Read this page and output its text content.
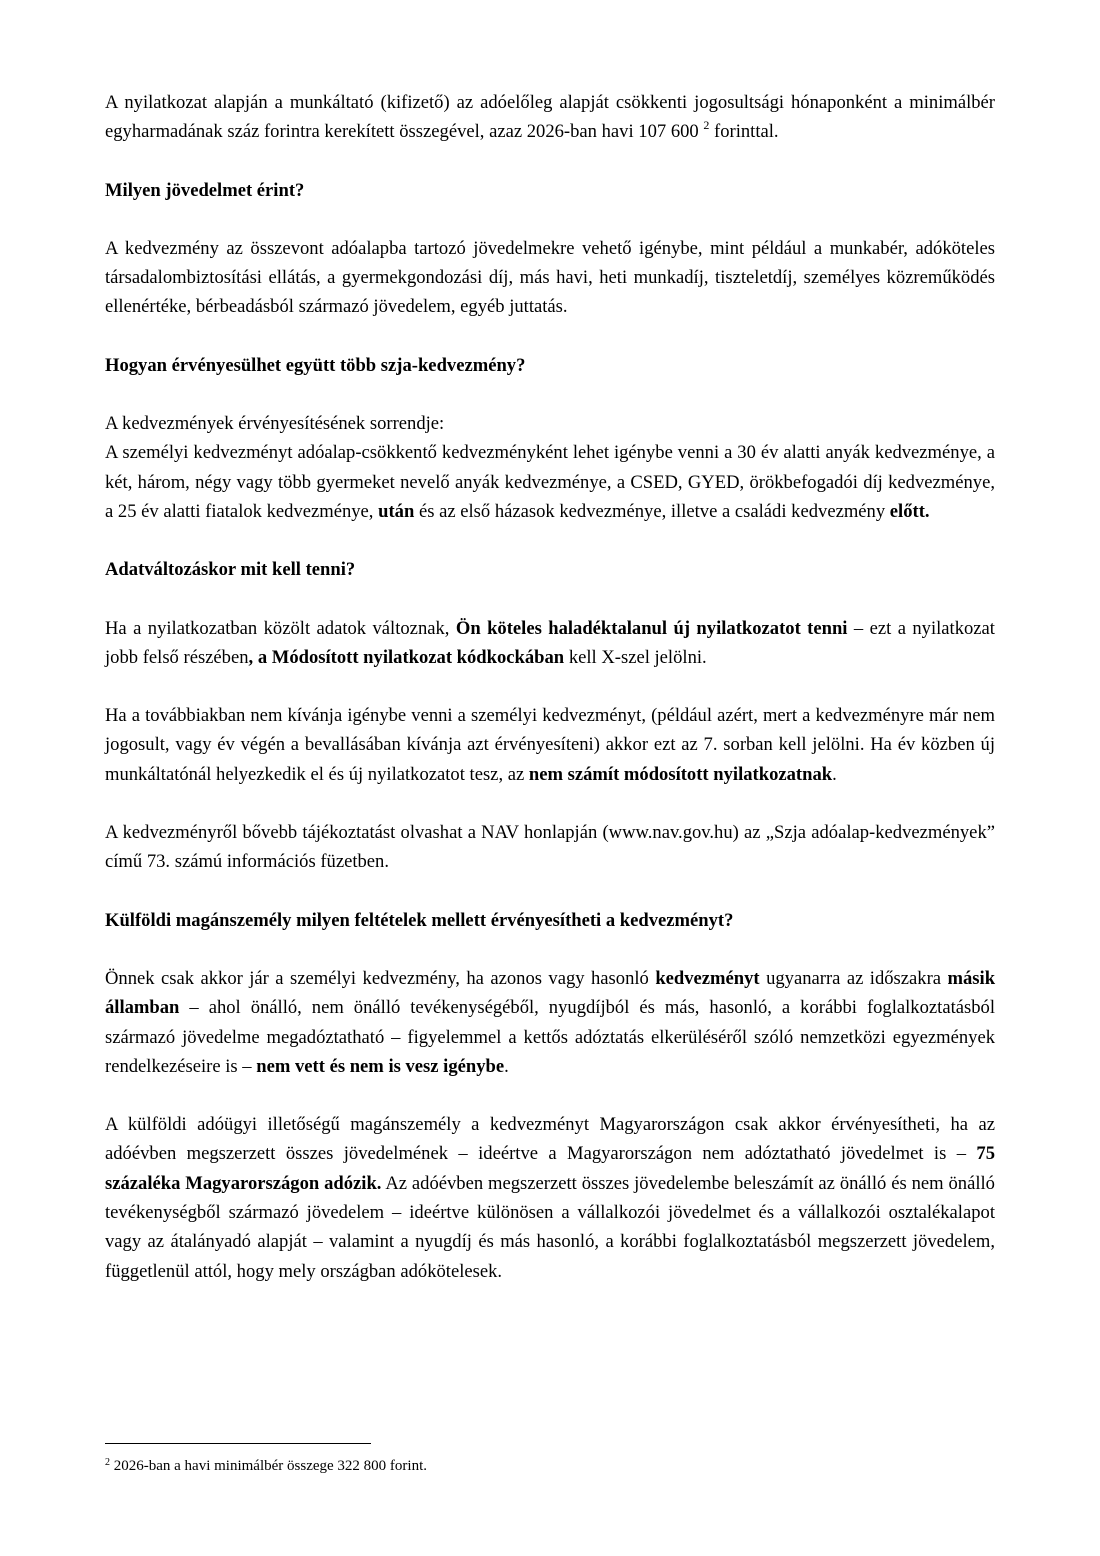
A nyilatkozat alapján a munkáltató (kifizető) az adóelőleg alapját csökkenti jogosultsági hónaponként a minimálbér egyharmadának száz forintra kerekített összegével, azaz 2026-ban havi 107 600 $^2$ forinttal.

Milyen jövedelmet érint?

A kedvezmény az összevont adóalapba tartozó jövedelmekre vehető igénybe, mint például a munkabér, adóköteles társadalombiztosítási ellátás, a gyermekgondozási díj, más havi, heti munkadíj, tiszteletdíj, személyes közreműködés ellenértéke, bérbeadásból származó jövedelem, egyéb juttatás.

Hogyan érvényesülhet együtt több szja-kedvezmény?

A kedvezmények érvényesítésének sorrendje:

A személyi kedvezményt adóalap-csökkentő kedvezményként lehet igénybe venni a 30 év alatti anyák kedvezménye, a két, három, négy vagy több gyermeket nevelő anyák kedvezménye, a CSED, GYED, örökbefogadói díj kedvezménye, a 25 év alatti fiatalok kedvezménye, után és az első házasok kedvezménye, illetve a családi kedvezmény előtt.

Adatváltozáskor mit kell tenni?

Ha a nyilatkozatban közölt adatok változnak, Ön köteles haladéktalanul új nyilatkozatot tenni – ezt a nyilatkozat jobb felső részében, a Módosított nyilatkozat kódkockában kell X-szel jelölni.

Ha a továbbiakban nem kívánja igénybe venni a személyi kedvezményt, (például azért, mert a kedvezményre már nem jogosult, vagy év végén a bevallásában kívánja azt érvényesíteni) akkor ezt az 7. sorban kell jelölni. Ha év közben új munkáltatónál helyezkedik el és új nyilatkozatot tesz, az nem számít módosított nyilatkozatnak.

A kedvezményről bővebb tájékoztatást olvashat a NAV honlapján (www.nav.gov.hu) az „Szja adóalap-kedvezmények” című 73. számú információs füzetben.

Külföldi magánszemély milyen feltételek mellett érvényesítheti a kedvezményt?

Önnek csak akkor jár a személyi kedvezmény, ha azonos vagy hasonló kedvezményt ugyanarra az időszakra másik államban – ahol önálló, nem önálló tevékenységéből, nyugdíjból és más, hasonló, a korábbi foglalkoztatásból származó jövedelme megadóztatható – figyelemmel a kettős adóztatás elkerüléséről szóló nemzetközi egyezmények rendelkezéseire is – nem vett és nem is vesz igénybe.

A külföldi adóügyi illetőségű magánszemély a kedvezményt Magyarországon csak akkor érvényesítheti, ha az adóévben megszerzett összes jövedelmének – ideértve a Magyarországon nem adóztatható jövedelmet is – 75 százaléka Magyarországon adózik. Az adóévben megszerzett összes jövedelembe beleszámít az önálló és nem önálló tevékenységből származó jövedelem – ideértve különösen a vállalkozói jövedelmet és a vállalkozói osztalékalapot vagy az átalányadó alapját – valamint a nyugdíj és más hasonló, a korábbi foglalkoztatásból megszerzett jövedelem, függetlenül attól, hogy mely országban adókötelesek.

$^2$ 2026-ban a havi minimálbér összege 322 800 forint.
